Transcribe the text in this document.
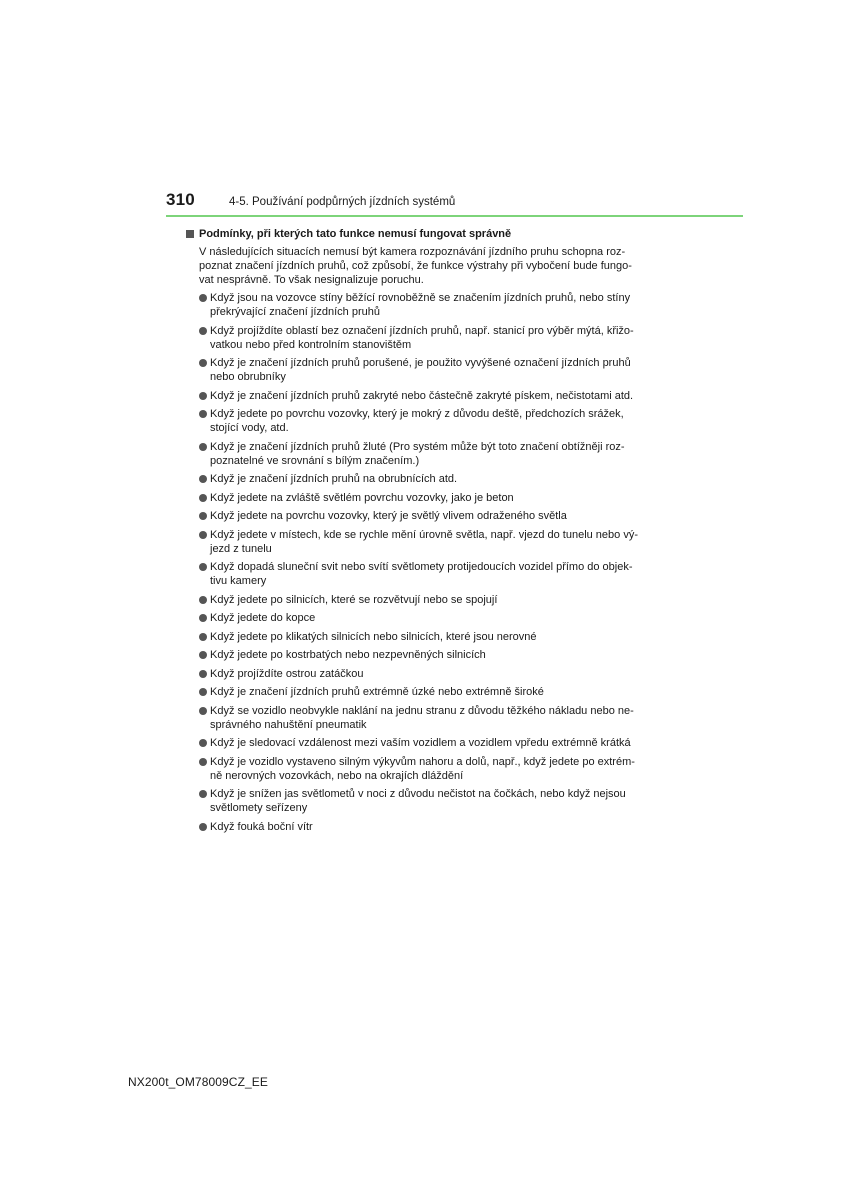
310	4-5. Používání podpůrných jízdních systémů
Podmínky, při kterých tato funkce nemusí fungovat správně
V následujících situacích nemusí být kamera rozpoznávání jízdního pruhu schopna roz-
poznat značení jízdních pruhů, což způsobí, že funkce výstrahy při vybočení bude fungo-
vat nesprávně. To však nesignalizuje poruchu.
Když jsou na vozovce stíny běžící rovnoběžně se značením jízdních pruhů, nebo stíny
překrývající značení jízdních pruhů
Když projíždíte oblastí bez označení jízdních pruhů, např. stanicí pro výběr mýtá, křižo-
vatkou nebo před kontrolním stanovištěm
Když je značení jízdních pruhů porušené, je použito vyvýšené označení jízdních pruhů
nebo obrubníky
Když je značení jízdních pruhů zakryté nebo částečně zakryté pískem, nečistotami atd.
Když jedete po povrchu vozovky, který je mokrý z důvodu deště, předchozích srážek,
stojící vody, atd.
Když je značení jízdních pruhů žluté (Pro systém může být toto značení obtížněji roz-
poznatelné ve srovnání s bílým značením.)
Když je značení jízdních pruhů na obrubnících atd.
Když jedete na zvláště světlém povrchu vozovky, jako je beton
Když jedete na povrchu vozovky, který je světlý vlivem odraženého světla
Když jedete v místech, kde se rychle mění úrovně světla, např. vjezd do tunelu nebo vý-
jezd z tunelu
Když dopadá sluneční svit nebo svítí světlomety protijedoucích vozidel přímo do objek-
tivu kamery
Když jedete po silnicích, které se rozvětvují nebo se spojují
Když jedete do kopce
Když jedete po klikatých silnicích nebo silnicích, které jsou nerovné
Když jedete po kostrbatých nebo nezpevněných silnicích
Když projíždíte ostrou zatáčkou
Když je značení jízdních pruhů extrémně úzké nebo extrémně široké
Když se vozidlo neobvykle naklání na jednu stranu z důvodu těžkého nákladu nebo ne-
správného nahuštění pneumatik
Když je sledovací vzdálenost mezi vaším vozidlem a vozidlem vpředu extrémně krátká
Když je vozidlo vystaveno silným výkyvům nahoru a dolů, např., když jedete po extrém-
ně nerovných vozovkách, nebo na okrajích dláždění
Když je snížen jas světlometů v noci z důvodu nečistot na čočkách, nebo když nejsou
světlomety seřízeny
Když fouká boční vítr
NX200t_OM78009CZ_EE
